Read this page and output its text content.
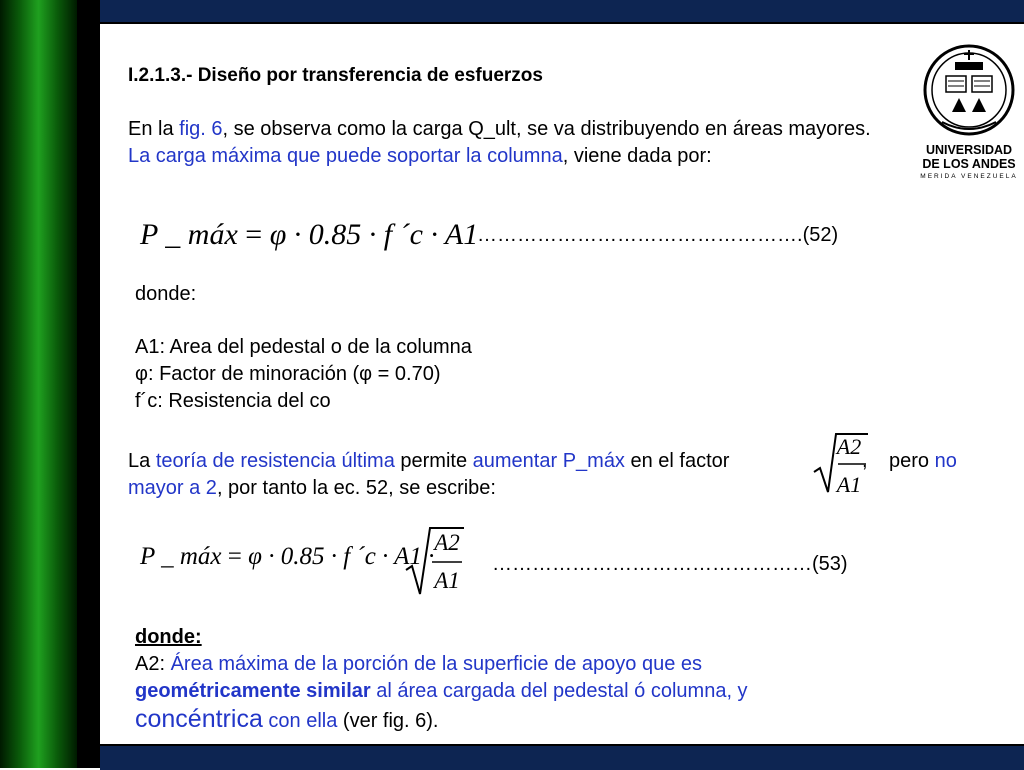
I.2.1.3.- Diseño por transferencia de esfuerzos
En la fig. 6, se observa como la carga Q_ult, se va distribuyendo en áreas mayores. La carga máxima que puede soportar la columna, viene dada por:
P _ máx = φ · 0.85 · f ´c · A1
………………………………………….(52)
donde:
A1: Area del pedestal o de la columna
φ: Factor de minoración (φ = 0.70)
f´c: Resistencia del co
La teoría de resistencia última permite aumentar P_máx en el factor
A2
A1
, pero no
mayor a 2, por tanto la ec. 52, se escribe:
P _ máx = φ · 0.85 · f ´c · A1 ·
A2
A1
…………………………………………(53)
donde:
A2: Área máxima de la porción de la superficie de apoyo que es
geométricamente similar al área cargada del pedestal ó columna, y
concéntrica con ella (ver fig. 6).
UNIVERSIDAD
DE LOS ANDES
MERIDA VENEZUELA
